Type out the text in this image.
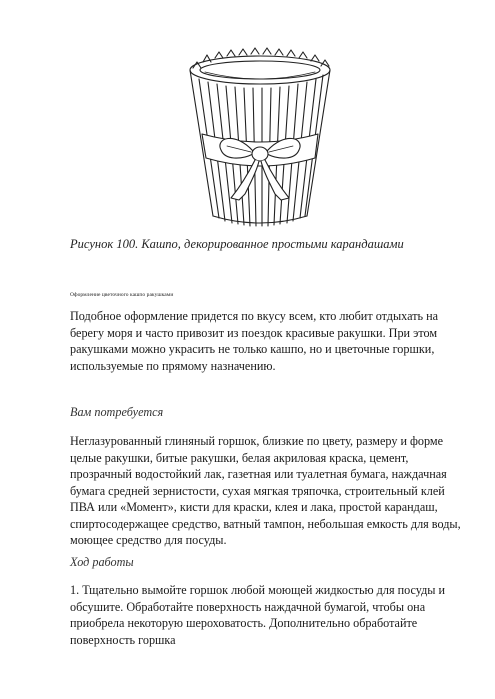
Рисунок 100. Кашпо, декорированное простыми карандашами
Оформление цветочного кашпо ракушками

Подобное оформление придется по вкусу всем, кто любит отдыхать на берегу моря и часто привозит из поездок красивые ракушки. При этом ракушками можно украсить не только кашпо, но и цветочные горшки, используемые по прямому назначению.

Вам потребуется

Неглазурованный глиняный горшок, близкие по цвету, размеру и форме целые ракушки, битые ракушки, белая акриловая краска, цемент, прозрачный водостойкий лак, газетная или туалетная бумага, наждачная бумага средней зернистости, сухая мягкая тряпочка, строительный клей ПВА или «Момент», кисти для краски, клея и лака, простой карандаш, спиртосодержащее средство, ватный тампон, небольшая емкость для воды, моющее средство для посуды.

Ход работы

1. Тщательно вымойте горшок любой моющей жидкостью для посуды и обсушите. Обработайте поверхность наждачной бумагой, чтобы она приобрела некоторую шероховатость. Дополнительно обработайте поверхность горшка
